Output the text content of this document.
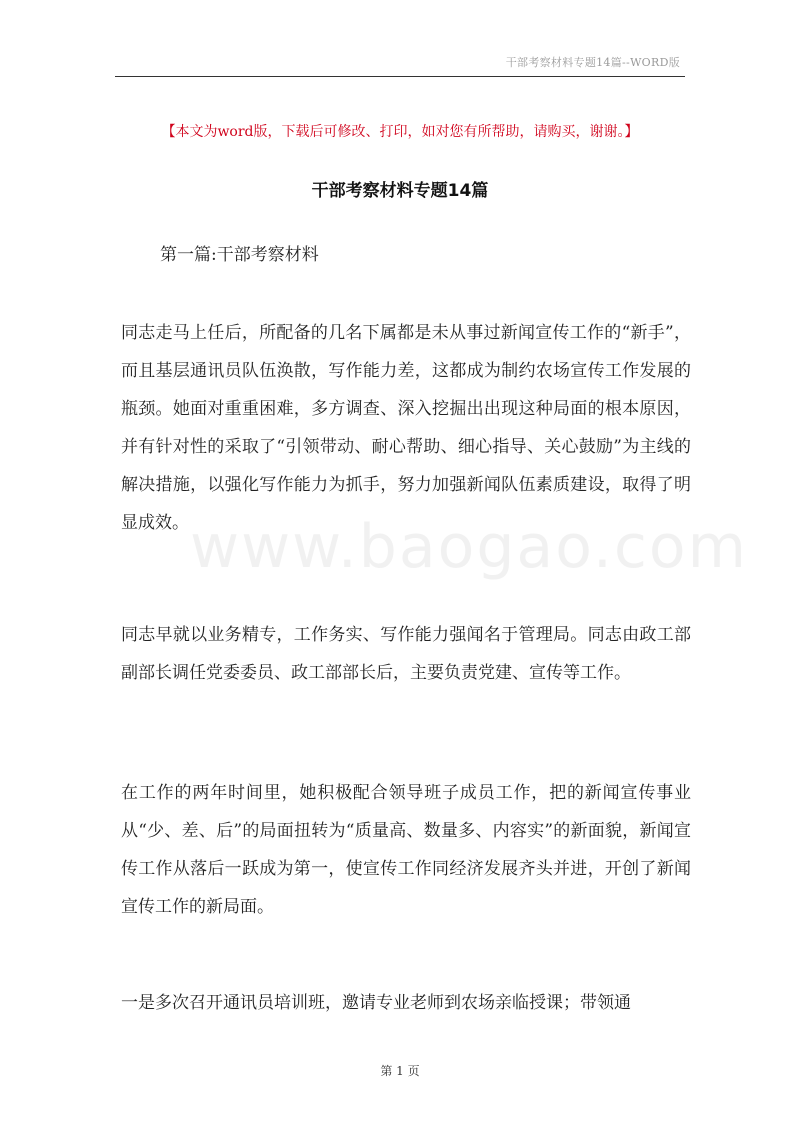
干部考察材料专题14篇--WORD版
【本文为word版，下载后可修改、打印，如对您有所帮助，请购买，谢谢。】
干部考察材料专题14篇
第一篇:干部考察材料
www.baogao.com

同志走马上任后，所配备的几名下属都是未从事过新闻宣传工作的“新手”，而且基层通讯员队伍涣散，写作能力差，这都成为制约农场宣传工作发展的瓶颈。她面对重重困难，多方调查、深入挖掘出出现这种局面的根本原因，并有针对性的采取了“引领带动、耐心帮助、细心指导、关心鼓励”为主线的解决措施，以强化写作能力为抓手，努力加强新闻队伍素质建设，取得了明显成效。

同志早就以业务精专，工作务实、写作能力强闻名于管理局。同志由政工部副部长调任党委委员、政工部部长后，主要负责党建、宣传等工作。

在工作的两年时间里，她积极配合领导班子成员工作，把的新闻宣传事业从“少、差、后”的局面扭转为“质量高、数量多、内容实”的新面貌，新闻宣传工作从落后一跃成为第一，使宣传工作同经济发展齐头并进，开创了新闻宣传工作的新局面。

一是多次召开通讯员培训班，邀请专业老师到农场亲临授课；带领通

第 1 页
